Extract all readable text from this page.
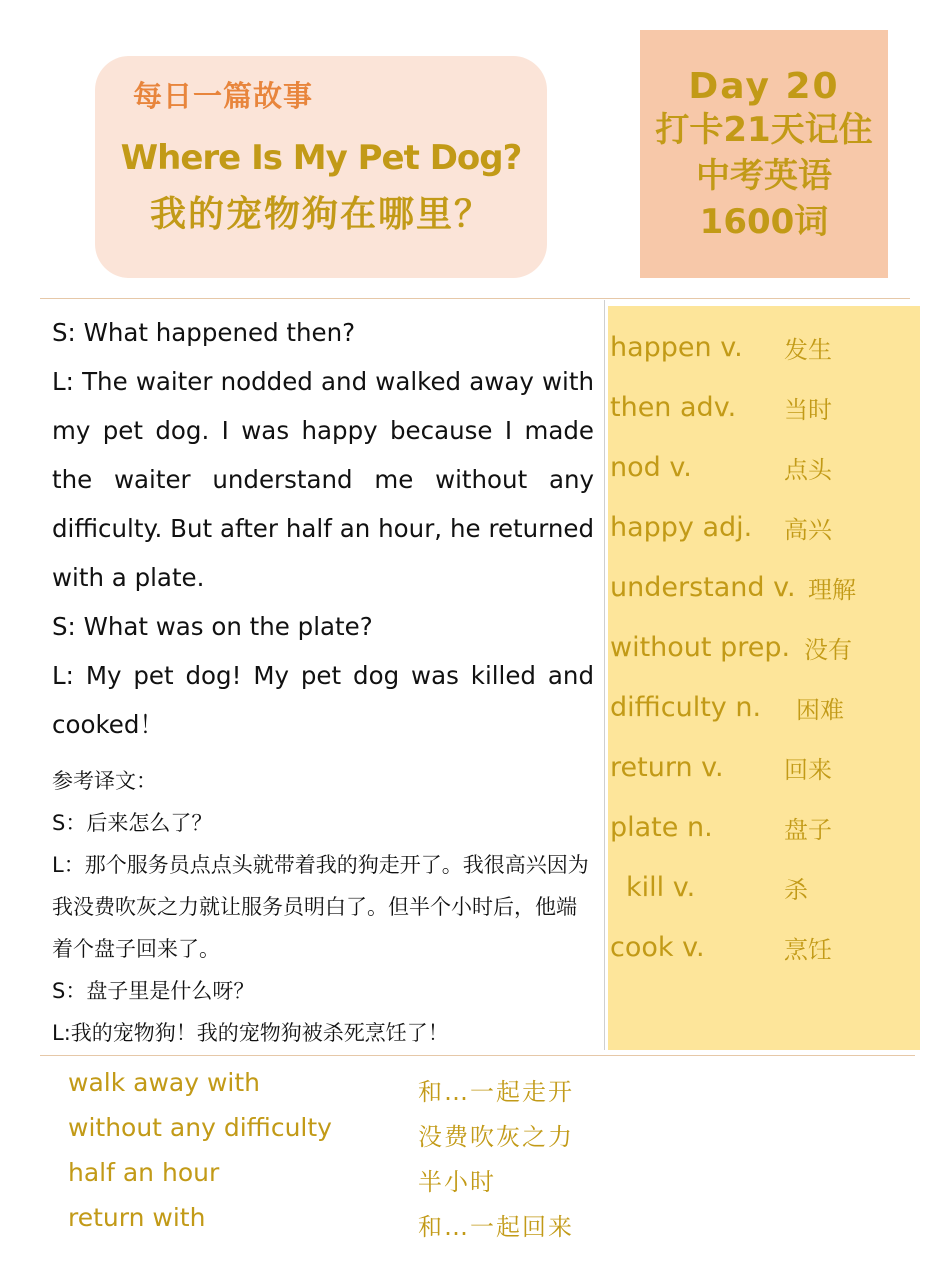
每日一篇故事
Where Is My Pet Dog?
我的宠物狗在哪里？
Day 20
打卡21天记住
中考英语
1600词

S: What happened then?

L: The waiter nodded and walked away with my pet dog. I was happy because I made the waiter understand me without any difficulty. But after half an hour, he returned with a plate.

S: What was on the plate?

L: My pet dog! My pet dog was killed and cooked！

参考译文：

S：后来怎么了？

L：那个服务员点点头就带着我的狗走开了。我很高兴因为我没费吹灰之力就让服务员明白了。但半个小时后，他端着个盘子回来了。

S：盘子里是什么呀？

L:我的宠物狗！我的宠物狗被杀死烹饪了！

happen v. 发生
then adv. 当时
nod v.	点头
happy adj. 高兴
understand v. 理解
without prep. 没有
difficulty n. 困难
return v.	回来
plate n.	盘子
kill v.	杀
cook v.	烹饪
walk away with	和…一起走开
without any difficulty	没费吹灰之力
half an hour	半小时
return with	和…一起回来
